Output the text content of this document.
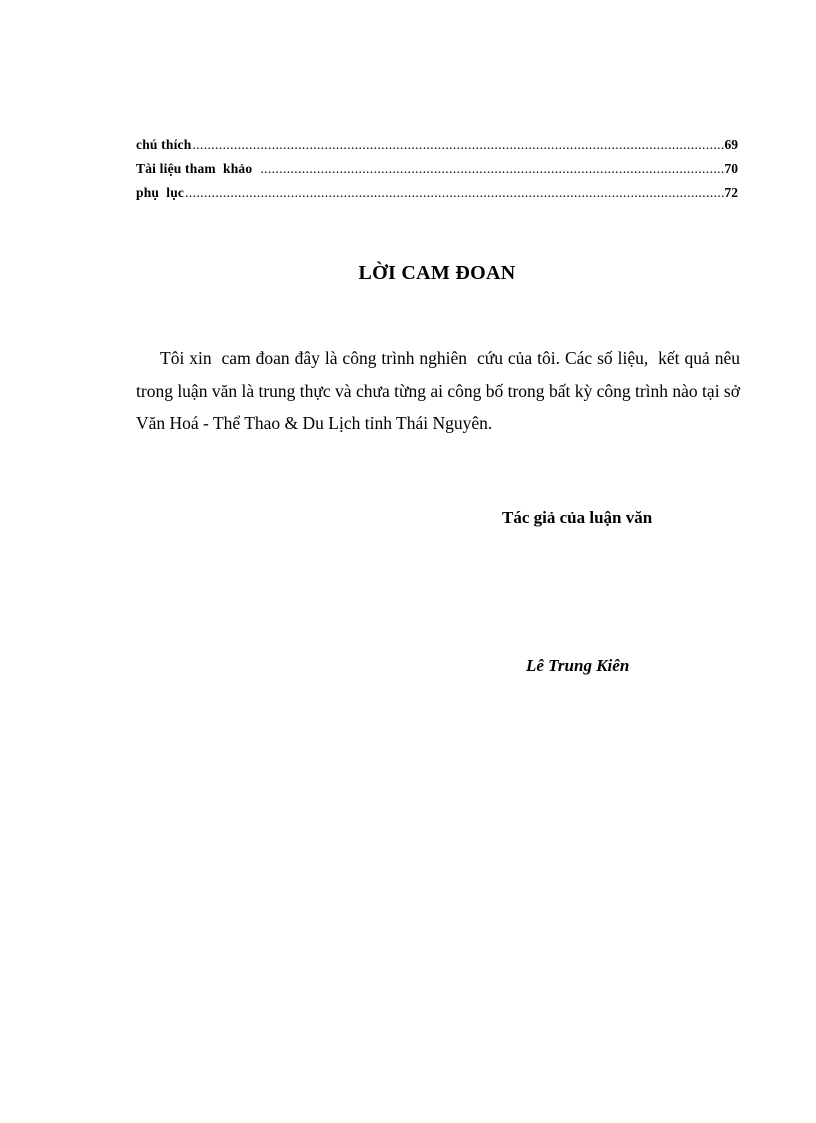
chú thích .....	69
Tài liệu tham  khảo .....	70
phụ  lục .....	72
LỜI CAM ĐOAN

Tôi xin  cam đoan đây là công trình nghiên  cứu của tôi. Các số liệu,  kết quả nêu trong luận văn là trung thực và chưa từng ai công bố trong bất kỳ công trình nào tại sở Văn Hoá - Thể Thao & Du Lịch tỉnh Thái Nguyên.

Tác giả của luận văn
Lê Trung Kiên
